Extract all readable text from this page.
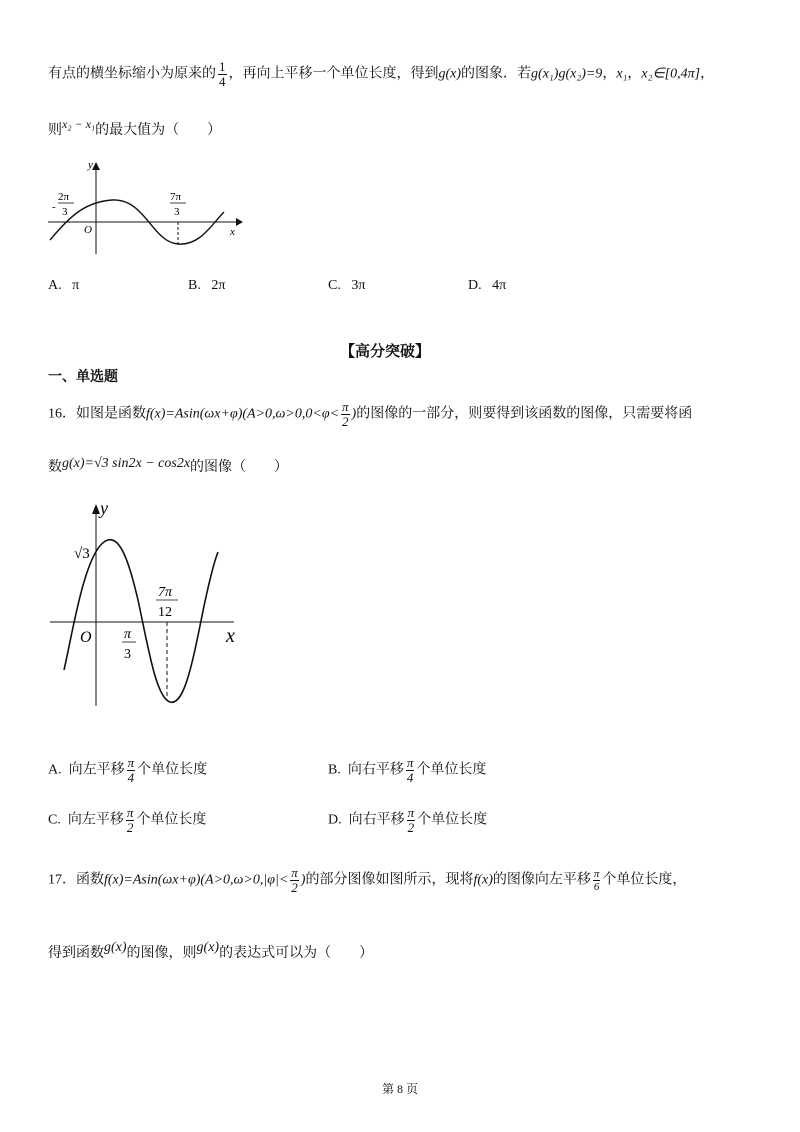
有点的横坐标缩小为原来的 $\frac{1}{4}$ ，再向上平移一个单位长度，得到g(x)的图象．若g(x₁)g(x₂)=9，x₁，x₂∈[0,4π]，
则x₂ − x₁的最大值为（　　）
y
x
O
-
2π
3
7π
3
A. π	B. 2π	C. 3π	D. 4π
【高分突破】
一、单选题
16．如图是函数$f(x)=Asin(\omega x+\varphi)(A>0,\omega>0,0<\varphi< \frac{\pi}{2}$ )的图像的一部分，则要得到该函数的图像，只需要将函
数g(x)=√3 sin2x − cos2x的图像（　　）
y
x
O
√3
π
3
7π
12
A. 向左平移 $\frac{\pi}{4}$ 个单位长度	B. 向右平移 $\frac{\pi}{4}$ 个单位长度
C. 向左平移 $\frac{\pi}{2}$ 个单位长度	D. 向右平移 $\frac{\pi}{2}$ 个单位长度
17．函数$f(x)=Asin(\omega x+\varphi)(A>0,\omega>0,|\varphi|< \frac{\pi}{2}$ )的部分图像如图所示，现将f(x)的图像向左平移 $\frac{\pi}{6}$ 个单位长度，
得到函数g(x)的图像，则g(x)的表达式可以为（　　）
第 8 页
